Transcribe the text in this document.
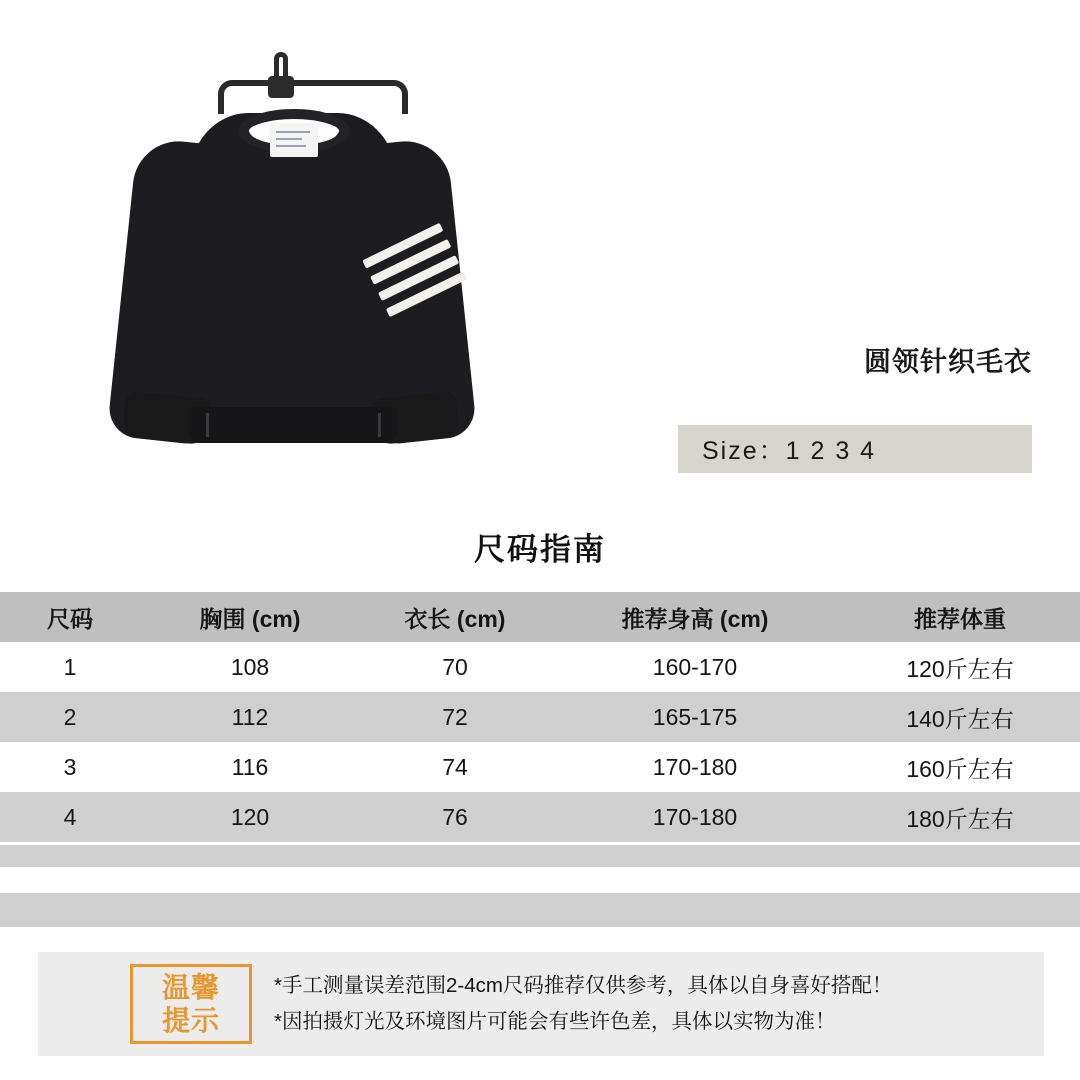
圆领针织毛衣
Size：1 2 3 4
尺码指南
尺码	胸围 (cm)	衣长 (cm)	推荐身高 (cm)	推荐体重
1	108	70	160-170	120斤左右
2	112	72	165-175	140斤左右
3	116	74	170-180	160斤左右
4	120	76	170-180	180斤左右
温馨
提示
*手工测量误差范围2-4cm尺码推荐仅供参考，具体以自身喜好搭配！
*因拍摄灯光及环境图片可能会有些许色差，具体以实物为准！
